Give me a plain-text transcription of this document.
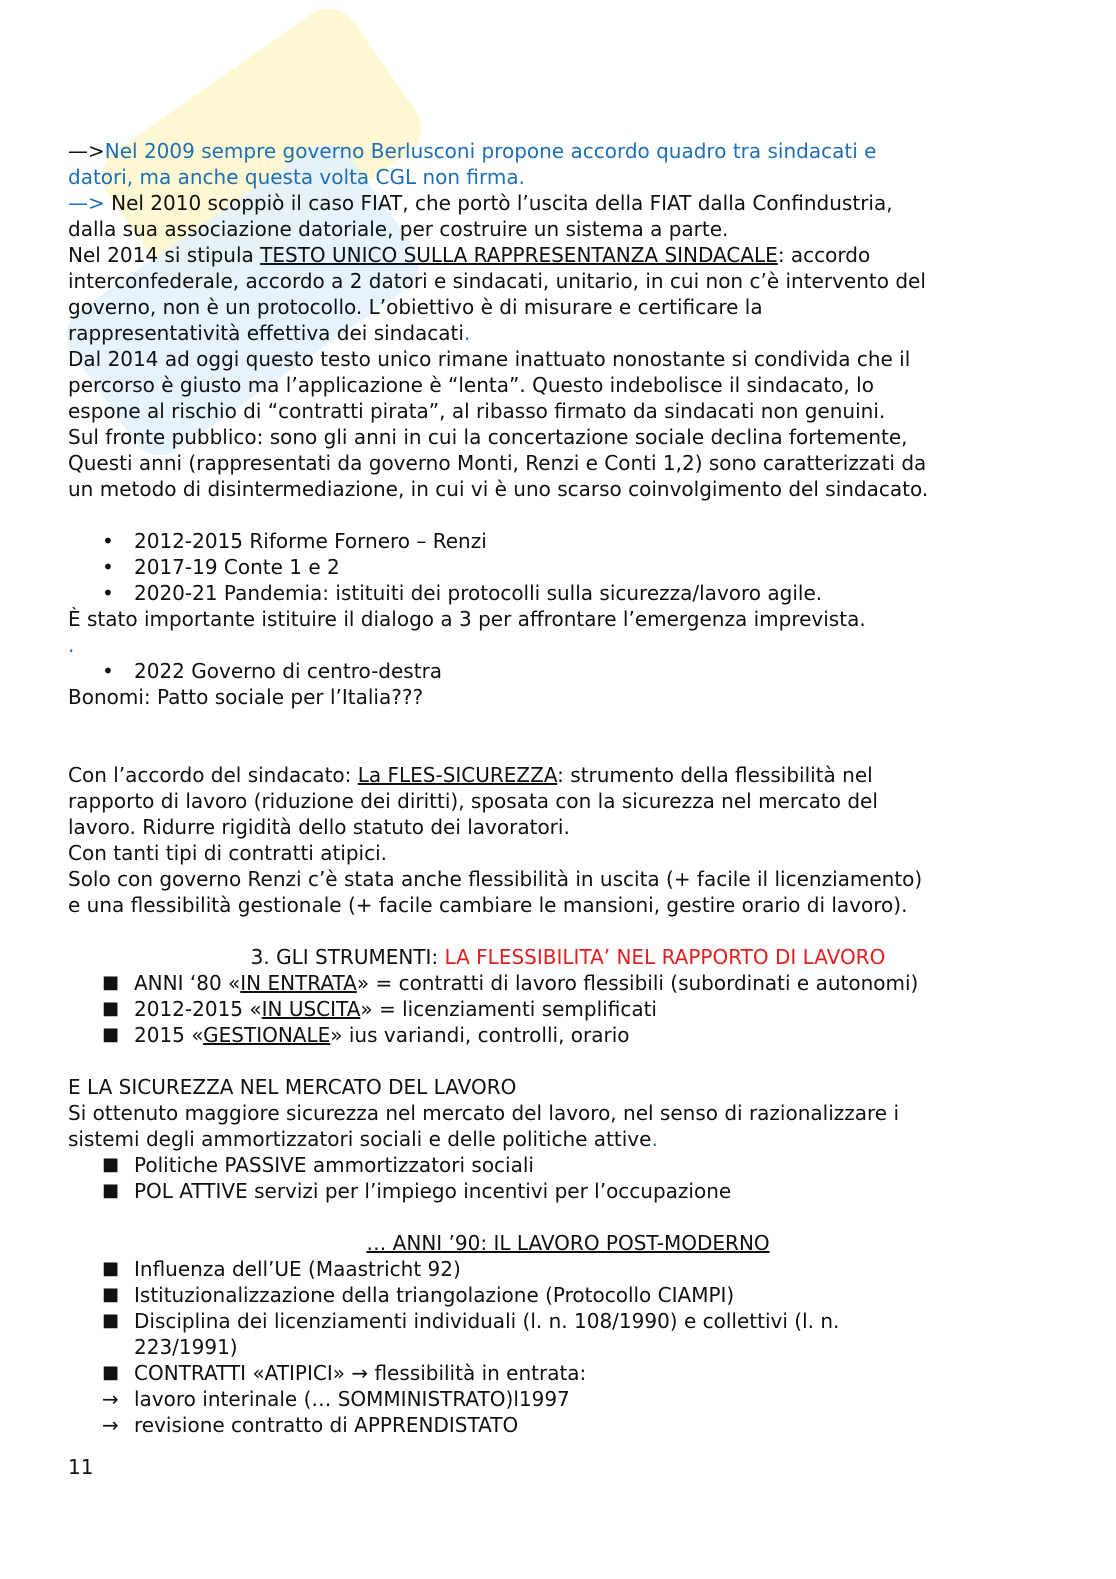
—>Nel 2009 sempre governo Berlusconi propone accordo quadro tra sindacati e
datori, ma anche questa volta CGL non firma.
—> Nel 2010 scoppiò il caso FIAT, che portò l’uscita della FIAT dalla Confindustria,
dalla sua associazione datoriale, per costruire un sistema a parte.
Nel 2014 si stipula TESTO UNICO SULLA RAPPRESENTANZA SINDACALE: accordo
interconfederale, accordo a 2 datori e sindacati, unitario, in cui non c’è intervento del
governo, non è un protocollo. L’obiettivo è di misurare e certificare la
rappresentatività effettiva dei sindacati.
Dal 2014 ad oggi questo testo unico rimane inattuato nonostante si condivida che il
percorso è giusto ma l’applicazione è “lenta”. Questo indebolisce il sindacato, lo
espone al rischio di “contratti pirata”, al ribasso firmato da sindacati non genuini.
Sul fronte pubblico: sono gli anni in cui la concertazione sociale declina fortemente,
Questi anni (rappresentati da governo Monti, Renzi e Conti 1,2) sono caratterizzati da
un metodo di disintermediazione, in cui vi è uno scarso coinvolgimento del sindacato.
• 2012-2015 Riforme Fornero – Renzi
• 2017-19 Conte 1 e 2
• 2020-21 Pandemia: istituiti dei protocolli sulla sicurezza/lavoro agile.
È stato importante istituire il dialogo a 3 per affrontare l’emergenza imprevista.
.
• 2022 Governo di centro-destra
Bonomi: Patto sociale per l’Italia???
Con l’accordo del sindacato: La FLES-SICUREZZA: strumento della flessibilità nel
rapporto di lavoro (riduzione dei diritti), sposata con la sicurezza nel mercato del
lavoro. Ridurre rigidità dello statuto dei lavoratori.
Con tanti tipi di contratti atipici.
Solo con governo Renzi c’è stata anche flessibilità in uscita (+ facile il licenziamento)
e una flessibilità gestionale (+ facile cambiare le mansioni, gestire orario di lavoro).
3. GLI STRUMENTI: LA FLESSIBILITA’ NEL RAPPORTO DI LAVORO
■ ANNI ‘80 «IN ENTRATA» = contratti di lavoro flessibili (subordinati e autonomi)
■ 2012-2015 «IN USCITA» = licenziamenti semplificati
■ 2015 «GESTIONALE» ius variandi, controlli, orario
E LA SICUREZZA NEL MERCATO DEL LAVORO
Si ottenuto maggiore sicurezza nel mercato del lavoro, nel senso di razionalizzare i
sistemi degli ammortizzatori sociali e delle politiche attive.
■ Politiche PASSIVE ammortizzatori sociali
■ POL ATTIVE servizi per l’impiego incentivi per l’occupazione
… ANNI ’90: IL LAVORO POST-MODERNO
■ Influenza dell’UE (Maastricht 92)
■ Istituzionalizzazione della triangolazione (Protocollo CIAMPI)
■ Disciplina dei licenziamenti individuali (l. n. 108/1990) e collettivi (l. n.
223/1991)
■ CONTRATTI «ATIPICI» → flessibilità in entrata:
→ lavoro interinale (… SOMMINISTRATO)l1997
→ revisione contratto di APPRENDISTATO
11
